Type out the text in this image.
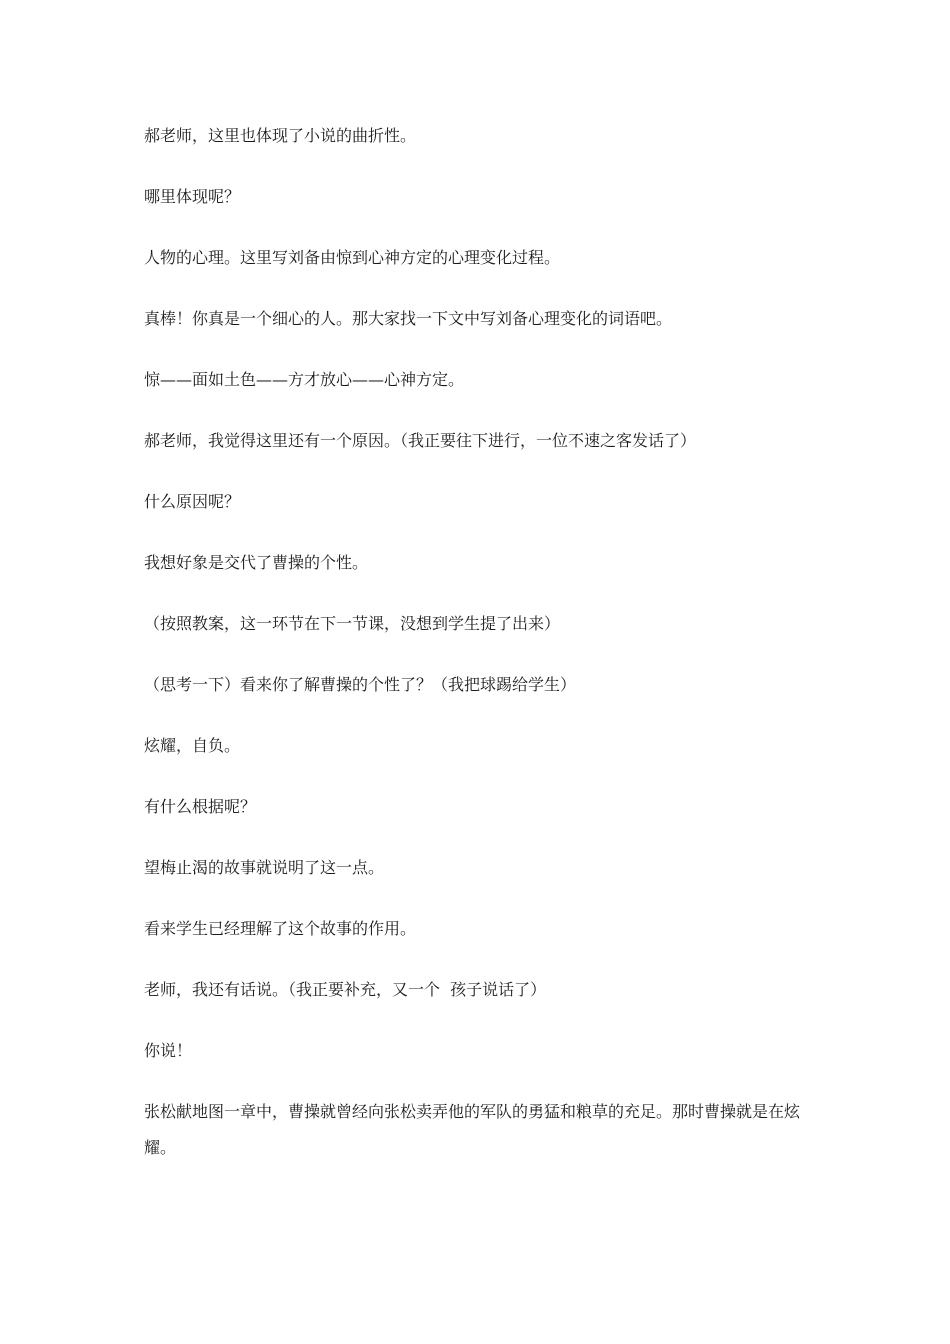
郝老师，这里也体现了小说的曲折性。

哪里体现呢？

人物的心理。这里写刘备由惊到心神方定的心理变化过程。

真棒！你真是一个细心的人。那大家找一下文中写刘备心理变化的词语吧。

惊——面如土色——方才放心——心神方定。

郝老师，我觉得这里还有一个原因。（我正要往下进行，一位不速之客发话了）

什么原因呢？

我想好象是交代了曹操的个性。

（按照教案，这一环节在下一节课，没想到学生提了出来）

（思考一下）看来你了解曹操的个性了？（我把球踢给学生）

炫耀，自负。

有什么根据呢？

望梅止渴的故事就说明了这一点。

看来学生已经理解了这个故事的作用。

老师，我还有话说。（我正要补充，又一个  孩子说话了）

你说！

张松献地图一章中，曹操就曾经向张松卖弄他的军队的勇猛和粮草的充足。那时曹操就是在炫耀。
